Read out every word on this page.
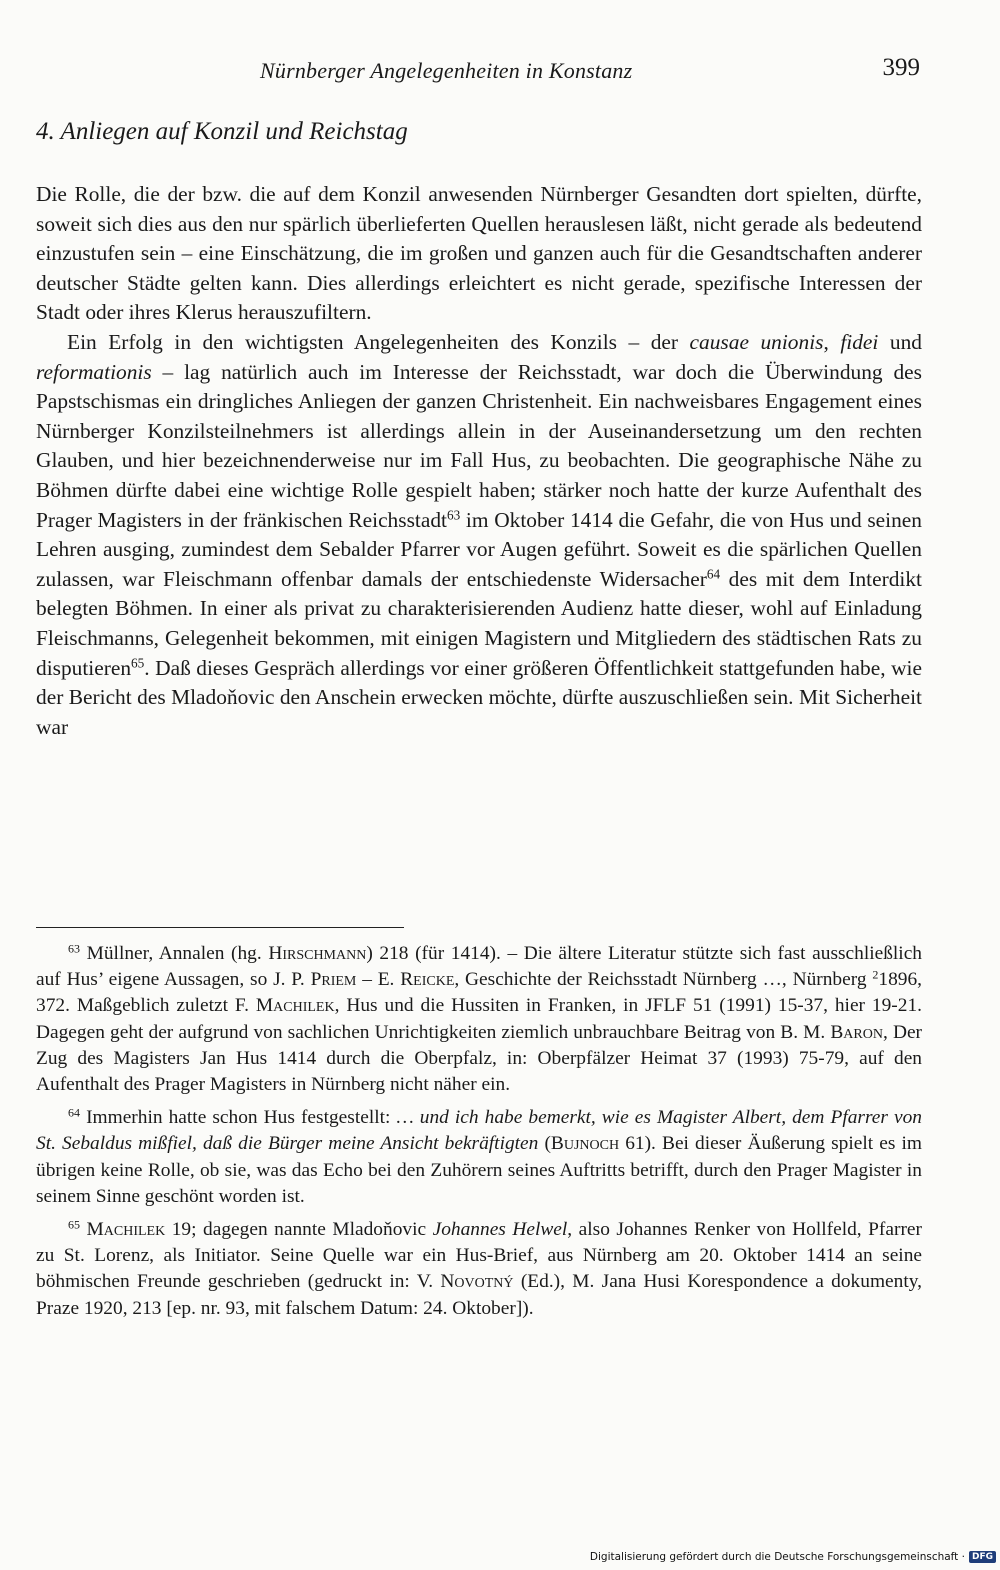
Nürnberger Angelegenheiten in Konstanz	399
4. Anliegen auf Konzil und Reichstag

Die Rolle, die der bzw. die auf dem Konzil anwesenden Nürnberger Gesandten dort spielten, dürfte, soweit sich dies aus den nur spärlich überlieferten Quellen herauslesen läßt, nicht gerade als bedeutend einzustufen sein – eine Einschätzung, die im großen und ganzen auch für die Gesandtschaften anderer deutscher Städte gelten kann. Dies allerdings erleichtert es nicht gerade, spezifische Interessen der Stadt oder ihres Klerus herauszufiltern.

Ein Erfolg in den wichtigsten Angelegenheiten des Konzils – der causae unionis, fidei und reformationis – lag natürlich auch im Interesse der Reichsstadt, war doch die Überwindung des Papstschismas ein dringliches Anliegen der ganzen Christenheit. Ein nachweisbares Engagement eines Nürnberger Konzilsteilnehmers ist allerdings allein in der Auseinandersetzung um den rechten Glauben, und hier bezeichnenderweise nur im Fall Hus, zu beobachten. Die geographische Nähe zu Böhmen dürfte dabei eine wichtige Rolle gespielt haben; stärker noch hatte der kurze Aufenthalt des Prager Magisters in der fränkischen Reichsstadt$^{63}$ im Oktober 1414 die Gefahr, die von Hus und seinen Lehren ausging, zumindest dem Sebalder Pfarrer vor Augen geführt. Soweit es die spärlichen Quellen zulassen, war Fleischmann offenbar damals der entschiedenste Widersacher$^{64}$ des mit dem Interdikt belegten Böhmen. In einer als privat zu charakterisierenden Audienz hatte dieser, wohl auf Einladung Fleischmanns, Gelegenheit bekommen, mit einigen Magistern und Mitgliedern des städtischen Rats zu disputieren$^{65}$. Daß dieses Gespräch allerdings vor einer größeren Öffentlichkeit stattgefunden habe, wie der Bericht des Mladoňovic den Anschein erwecken möchte, dürfte auszuschließen sein. Mit Sicherheit war

$^{63}$ Müllner, Annalen (hg. Hirschmann) 218 (für 1414). – Die ältere Literatur stützte sich fast ausschließlich auf Hus’ eigene Aussagen, so J. P. Priem – E. Reicke, Geschichte der Reichsstadt Nürnberg …, Nürnberg $^2$1896, 372. Maßgeblich zuletzt F. Machilek, Hus und die Hussiten in Franken, in JFLF 51 (1991) 15-37, hier 19-21. Dagegen geht der aufgrund von sachlichen Unrichtigkeiten ziemlich unbrauchbare Beitrag von B. M. Baron, Der Zug des Magisters Jan Hus 1414 durch die Oberpfalz, in: Oberpfälzer Heimat 37 (1993) 75-79, auf den Aufenthalt des Prager Magisters in Nürnberg nicht näher ein.

$^{64}$ Immerhin hatte schon Hus festgestellt: … und ich habe bemerkt, wie es Magister Albert, dem Pfarrer von St. Sebaldus mißfiel, daß die Bürger meine Ansicht bekräftigten (Bujnoch 61). Bei dieser Äußerung spielt es im übrigen keine Rolle, ob sie, was das Echo bei den Zuhörern seines Auftritts betrifft, durch den Prager Magister in seinem Sinne geschönt worden ist.

$^{65}$ Machilek 19; dagegen nannte Mladoňovic Johannes Helwel, also Johannes Renker von Hollfeld, Pfarrer zu St. Lorenz, als Initiator. Seine Quelle war ein Hus-Brief, aus Nürnberg am 20. Oktober 1414 an seine böhmischen Freunde geschrieben (gedruckt in: V. Novotný (Ed.), M. Jana Husi Korespondence a dokumenty, Praze 1920, 213 [ep. nr. 93, mit falschem Datum: 24. Oktober]).

Digitalisierung gefördert durch die Deutsche Forschungsgemeinschaft · DFG
